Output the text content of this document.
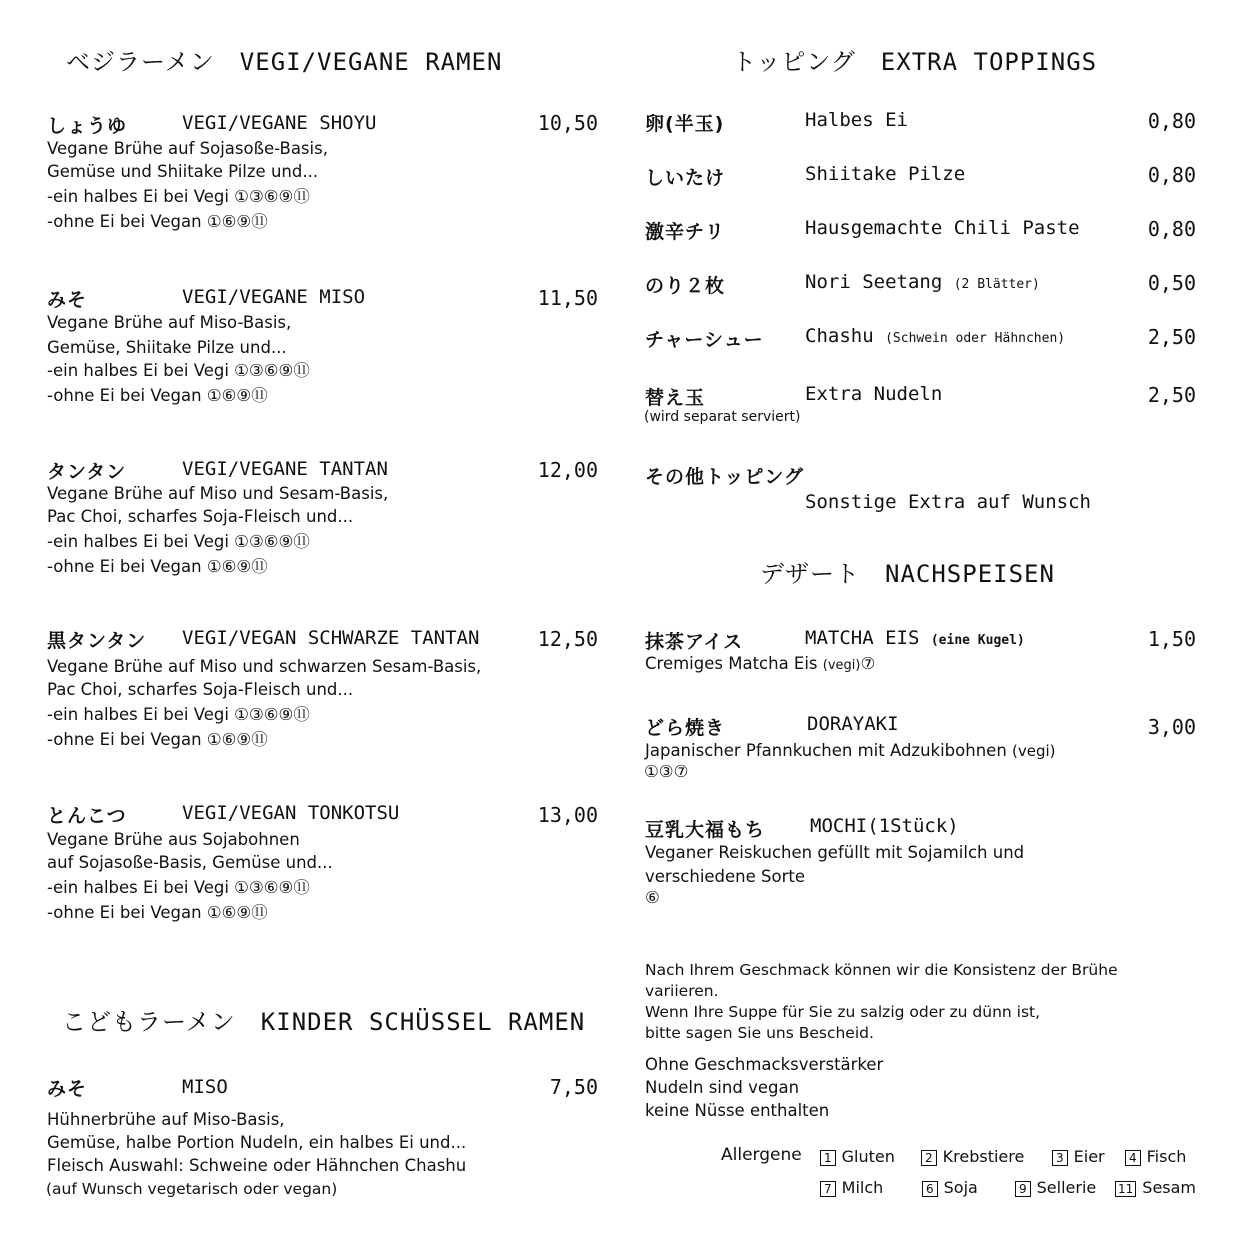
ベジラーメン　VEGI/VEGANE RAMEN
しょうゆ	VEGI/VEGANE SHOYU	10,50
Vegane Brühe auf Sojasoße-Basis,
Gemüse und Shiitake Pilze und...
-ein halbes Ei bei Vegi ①③⑥⑨⑪
-ohne Ei bei Vegan ①⑥⑨⑪
みそ	VEGI/VEGANE MISO	11,50
Vegane Brühe auf Miso-Basis,
Gemüse, Shiitake Pilze und...
-ein halbes Ei bei Vegi ①③⑥⑨⑪
-ohne Ei bei Vegan ①⑥⑨⑪
タンタン	VEGI/VEGANE TANTAN	12,00
Vegane Brühe auf Miso und Sesam-Basis,
Pac Choi, scharfes Soja-Fleisch und...
-ein halbes Ei bei Vegi ①③⑥⑨⑪
-ohne Ei bei Vegan ①⑥⑨⑪
黒タンタン VEGI/VEGAN SCHWARZE TANTAN	12,50
Vegane Brühe auf Miso und schwarzen Sesam-Basis,
Pac Choi, scharfes Soja-Fleisch und...
-ein halbes Ei bei Vegi ①③⑥⑨⑪
-ohne Ei bei Vegan ①⑥⑨⑪
とんこつ	VEGI/VEGAN TONKOTSU	13,00
Vegane Brühe aus Sojabohnen
auf Sojasoße-Basis, Gemüse und...
-ein halbes Ei bei Vegi ①③⑥⑨⑪
-ohne Ei bei Vegan ①⑥⑨⑪
こどもラーメン　KINDER SCHÜSSEL RAMEN
みそ	MISO	7,50
Hühnerbrühe auf Miso-Basis,
Gemüse, halbe Portion Nudeln, ein halbes Ei und...
Fleisch Auswahl: Schweine oder Hähnchen Chashu
(auf Wunsch vegetarisch oder vegan)
トッピング　EXTRA TOPPINGS
卵(半玉)	Halbes Ei	0,80
しいたけ	Shiitake Pilze	0,80
激辛チリ	Hausgemachte Chili Paste	0,80
のり２枚	Nori Seetang (2 Blätter)	0,50
チャーシュー Chashu (Schwein oder Hähnchen)	2,50
替え玉	Extra Nudeln	2,50
(wird separat serviert)
その他トッピング
Sonstige Extra auf Wunsch
デザート　NACHSPEISEN
抹茶アイス	MATCHA EIS (eine Kugel)	1,50
Cremiges Matcha Eis (vegi)⑦
どら焼き	DORAYAKI	3,00
Japanischer Pfannkuchen mit Adzukibohnen (vegi)
①③⑦
豆乳大福もち MOCHI(1Stück)
Veganer Reiskuchen gefüllt mit Sojamilch und
verschiedene Sorte
⑥
Nach Ihrem Geschmack können wir die Konsistenz der Brühe
variieren.
Wenn Ihre Suppe für Sie zu salzig oder zu dünn ist,
bitte sagen Sie uns Bescheid.
Ohne Geschmacksverstärker
Nudeln sind vegan
keine Nüsse enthalten
Allergene	1 Gluten	2 Krebstiere	3 Eier	4 Fisch
7 Milch	6 Soja	9 Sellerie 11 Sesam
